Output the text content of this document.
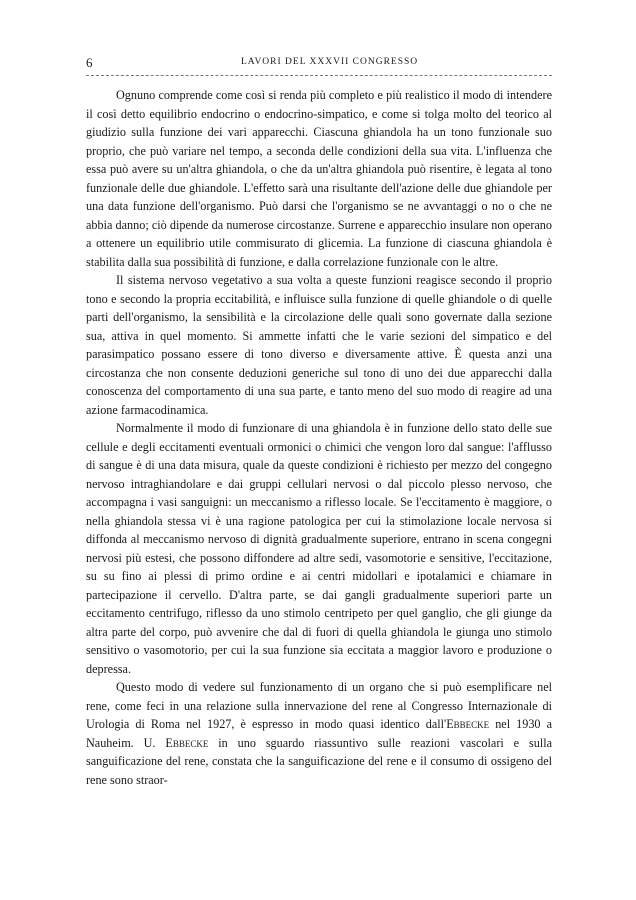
6	LAVORI DEL XXXVII CONGRESSO

Ognuno comprende come così si renda più completo e più realistico il modo di intendere il così detto equilibrio endocrino o endocrino-simpatico, e come si tolga molto del teorico al giudizio sulla funzione dei vari apparecchi. Ciascuna ghiandola ha un tono funzionale suo proprio, che può variare nel tempo, a seconda delle condizioni della sua vita. L'influenza che essa può avere su un'altra ghiandola, o che da un'altra ghiandola può risentire, è legata al tono funzionale delle due ghiandole. L'effetto sarà una risultante dell'azione delle due ghiandole per una data funzione dell'organismo. Può darsi che l'organismo se ne avvantaggi o no o che ne abbia danno; ciò dipende da numerose circostanze. Surrene e apparecchio insulare non operano a ottenere un equilibrio utile commisurato di glicemia. La funzione di ciascuna ghiandola è stabilita dalla sua possibilità di funzione, e dalla correlazione funzionale con le altre.

Il sistema nervoso vegetativo a sua volta a queste funzioni reagisce secondo il proprio tono e secondo la propria eccitabilità, e influisce sulla funzione di quelle ghiandole o di quelle parti dell'organismo, la sensibilità e la circolazione delle quali sono governate dalla sezione sua, attiva in quel momento. Si ammette infatti che le varie sezioni del simpatico e del parasimpatico possano essere di tono diverso e diversamente attive. È questa anzi una circostanza che non consente deduzioni generiche sul tono di uno dei due apparecchi dalla conoscenza del comportamento di una sua parte, e tanto meno del suo modo di reagire ad una azione farmacodinamica.

Normalmente il modo di funzionare di una ghiandola è in funzione dello stato delle sue cellule e degli eccitamenti eventuali ormonici o chimici che vengon loro dal sangue: l'afflusso di sangue è di una data misura, quale da queste condizioni è richiesto per mezzo del congegno nervoso intraghiandolare e dai gruppi cellulari nervosi o dal piccolo plesso nervoso, che accompagna i vasi sanguigni: un meccanismo a riflesso locale. Se l'eccitamento è maggiore, o nella ghiandola stessa vi è una ragione patologica per cui la stimolazione locale nervosa si diffonda al meccanismo nervoso di dignità gradualmente superiore, entrano in scena congegni nervosi più estesi, che possono diffondere ad altre sedi, vasomotorie e sensitive, l'eccitazione, su su fino ai plessi di primo ordine e ai centri midollari e ipotalamici e chiamare in partecipazione il cervello. D'altra parte, se dai gangli gradualmente superiori parte un eccitamento centrifugo, riflesso da uno stimolo centripeto per quel ganglio, che gli giunge da altra parte del corpo, può avvenire che dal di fuori di quella ghiandola le giunga uno stimolo sensitivo o vasomotorio, per cui la sua funzione sia eccitata a maggior lavoro e produzione o depressa.

Questo modo di vedere sul funzionamento di un organo che si può esemplificare nel rene, come feci in una relazione sulla innervazione del rene al Congresso Internazionale di Urologia di Roma nel 1927, è espresso in modo quasi identico dall'Ebbecke nel 1930 a Nauheim. U. Ebbecke in uno sguardo riassuntivo sulle reazioni vascolari e sulla sanguificazione del rene, constata che la sanguificazione del rene e il consumo di ossigeno del rene sono straor-
